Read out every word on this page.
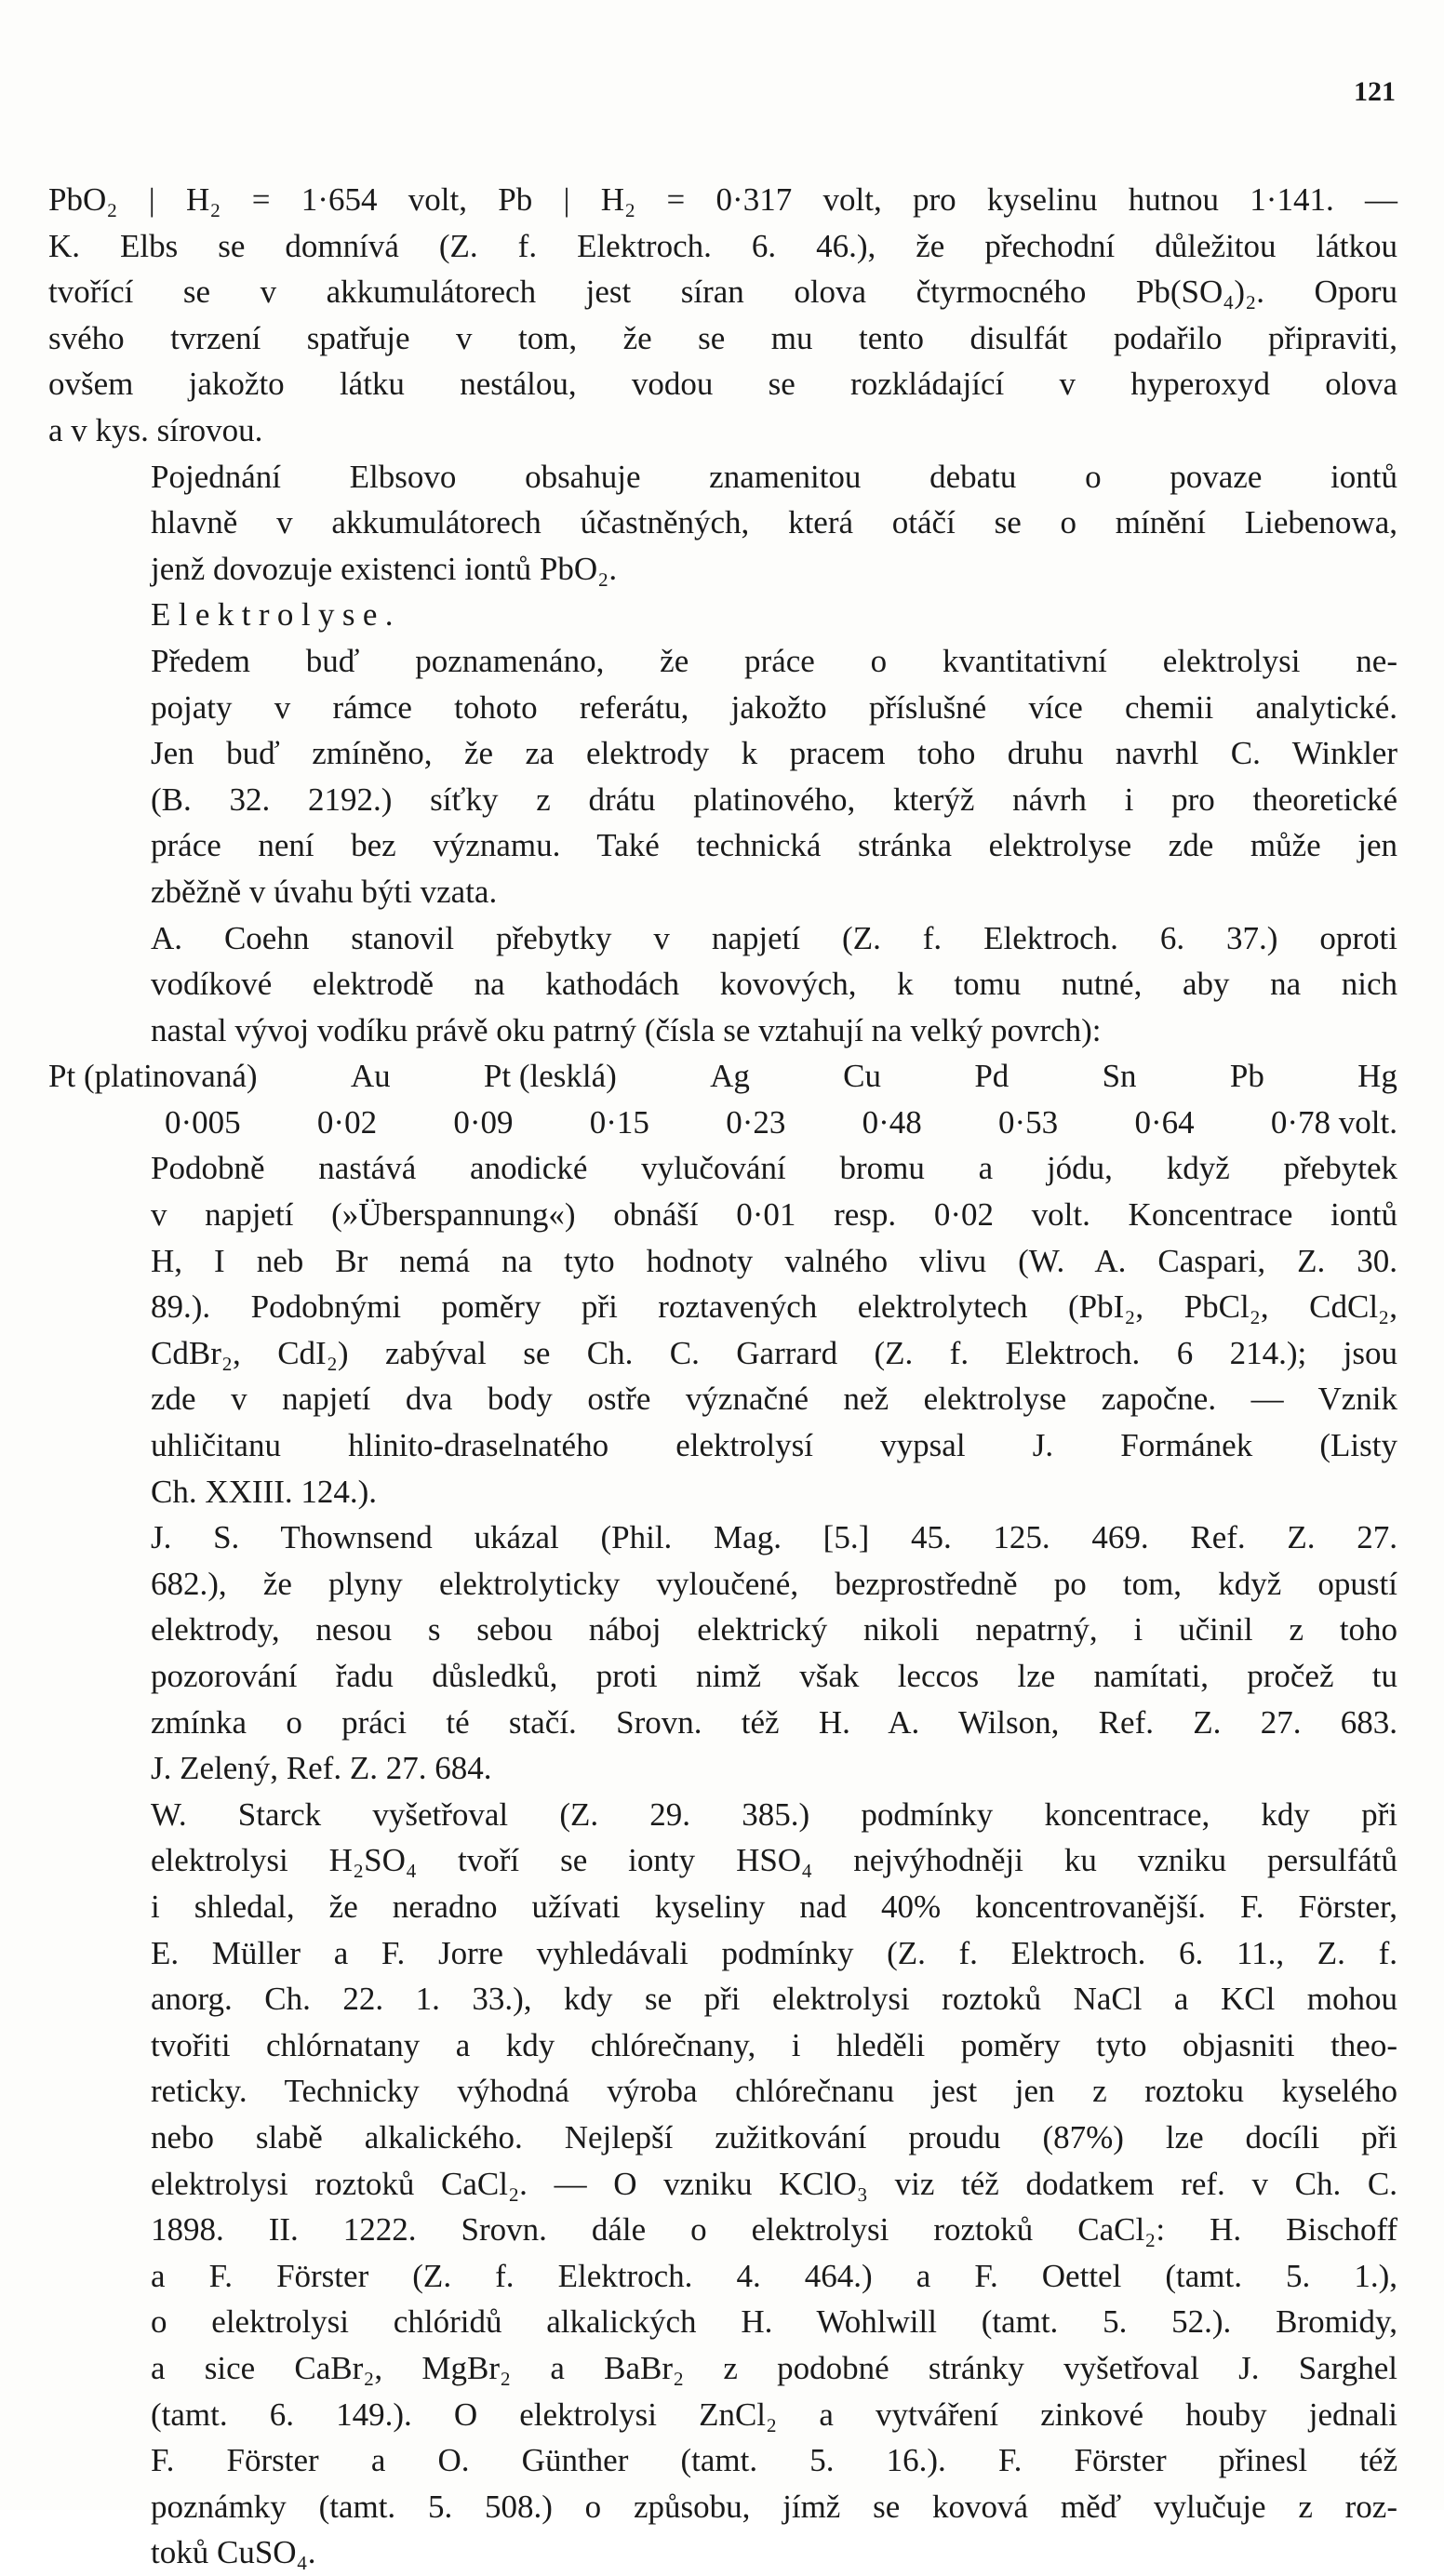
121

PbO₂ | H₂ = 1·654 volt, Pb | H₂ = 0·317 volt, pro kyselinu hutnou 1·141. —
K. Elbs se domnívá (Z. f. Elektroch. 6. 46.), že přechodní důležitou látkou
tvořící se v akkumulátorech jest síran olova čtyrmocného Pb(SO₄)₂. Oporu
svého tvrzení spatřuje v tom, že se mu tento disulfát podařilo připraviti,
ovšem jakožto látku nestálou, vodou se rozkládající v hyperoxyd olova
a v kys. sírovou.

Pojednání Elbsovo obsahuje znamenitou debatu o povaze iontů
hlavně v akkumulátorech účastněných, která otáčí se o mínění Liebenowa,
jenž dovozuje existenci iontů PbO₂.

Elektrolyse.

Předem buď poznamenáno, že práce o kvantitativní elektrolysi ne-
pojaty v rámce tohoto referátu, jakožto příslušné více chemii analytické.
Jen buď zmíněno, že za elektrody k pracem toho druhu navrhl C. Winkler
(B. 32. 2192.) síťky z drátu platinového, kterýž návrh i pro theoretické
práce není bez významu. Také technická stránka elektrolyse zde může jen
zběžně v úvahu býti vzata.

A. Coehn stanovil přebytky v napjetí (Z. f. Elektroch. 6. 37.) oproti
vodíkové elektrodě na kathodách kovových, k tomu nutné, aby na nich
nastal vývoj vodíku právě oku patrný (čísla se vztahují na velký povrch):

Pt (platinovaná)	Au	Pt (lesklá)	Ag	Cu	Pd	Sn	Pb	Hg
0·005 0·02 0·09 0·15 0·23 0·48 0·53 0·64 0·78 volt.

Podobně nastává anodické vylučování bromu a jódu, když přebytek
v napjetí (»Überspannung«) obnáší 0·01 resp. 0·02 volt. Koncentrace iontů
H, I neb Br nemá na tyto hodnoty valného vlivu (W. A. Caspari, Z. 30.
89.). Podobnými poměry při roztavených elektrolytech (PbI₂, PbCl₂, CdCl₂,
CdBr₂, CdI₂) zabýval se Ch. C. Garrard (Z. f. Elektroch. 6 214.); jsou
zde v napjetí dva body ostře význačné než elektrolyse započne. — Vznik
uhličitanu hlinito-draselnatého elektrolysí vypsal J. Formánek (Listy
Ch. XXIII. 124.).

J. S. Thownsend ukázal (Phil. Mag. [5.] 45. 125. 469. Ref. Z. 27.
682.), že plyny elektrolyticky vyloučené, bezprostředně po tom, když opustí
elektrody, nesou s sebou náboj elektrický nikoli nepatrný, i učinil z toho
pozorování řadu důsledků, proti nimž však leccos lze namítati, pročež tu
zmínka o práci té stačí. Srovn. též H. A. Wilson, Ref. Z. 27. 683.
J. Zelený, Ref. Z. 27. 684.

W. Starck vyšetřoval (Z. 29. 385.) podmínky koncentrace, kdy při
elektrolysi H₂SO₄ tvoří se ionty HSO₄ nejvýhodněji ku vzniku persulfátů
i shledal, že neradno užívati kyseliny nad 40% koncentrovanější. F. Förster,
E. Müller a F. Jorre vyhledávali podmínky (Z. f. Elektroch. 6. 11., Z. f.
anorg. Ch. 22. 1. 33.), kdy se při elektrolysi roztoků NaCl a KCl mohou
tvořiti chlórnatany a kdy chlórečnany, i hleděli poměry tyto objasniti theo-
reticky. Technicky výhodná výroba chlórečnanu jest jen z roztoku kyselého
nebo slabě alkalického. Nejlepší zužitkování proudu (87%) lze docíli při
elektrolysi roztoků CaCl₂. — O vzniku KClO₃ viz též dodatkem ref. v Ch. C.
1898. II. 1222. Srovn. dále o elektrolysi roztoků CaCl₂: H. Bischoff
a F. Förster (Z. f. Elektroch. 4. 464.) a F. Oettel (tamt. 5. 1.),
o elektrolysi chlóridů alkalických H. Wohlwill (tamt. 5. 52.). Bromidy,
a sice CaBr₂, MgBr₂ a BaBr₂ z podobné stránky vyšetřoval J. Sarghel
(tamt. 6. 149.). O elektrolysi ZnCl₂ a vytváření zinkové houby jednali
F. Förster a O. Günther (tamt. 5. 16.). F. Förster přinesl též
poznámky (tamt. 5. 508.) o způsobu, jímž se kovová měď vylučuje z roz-
toků CuSO₄.
